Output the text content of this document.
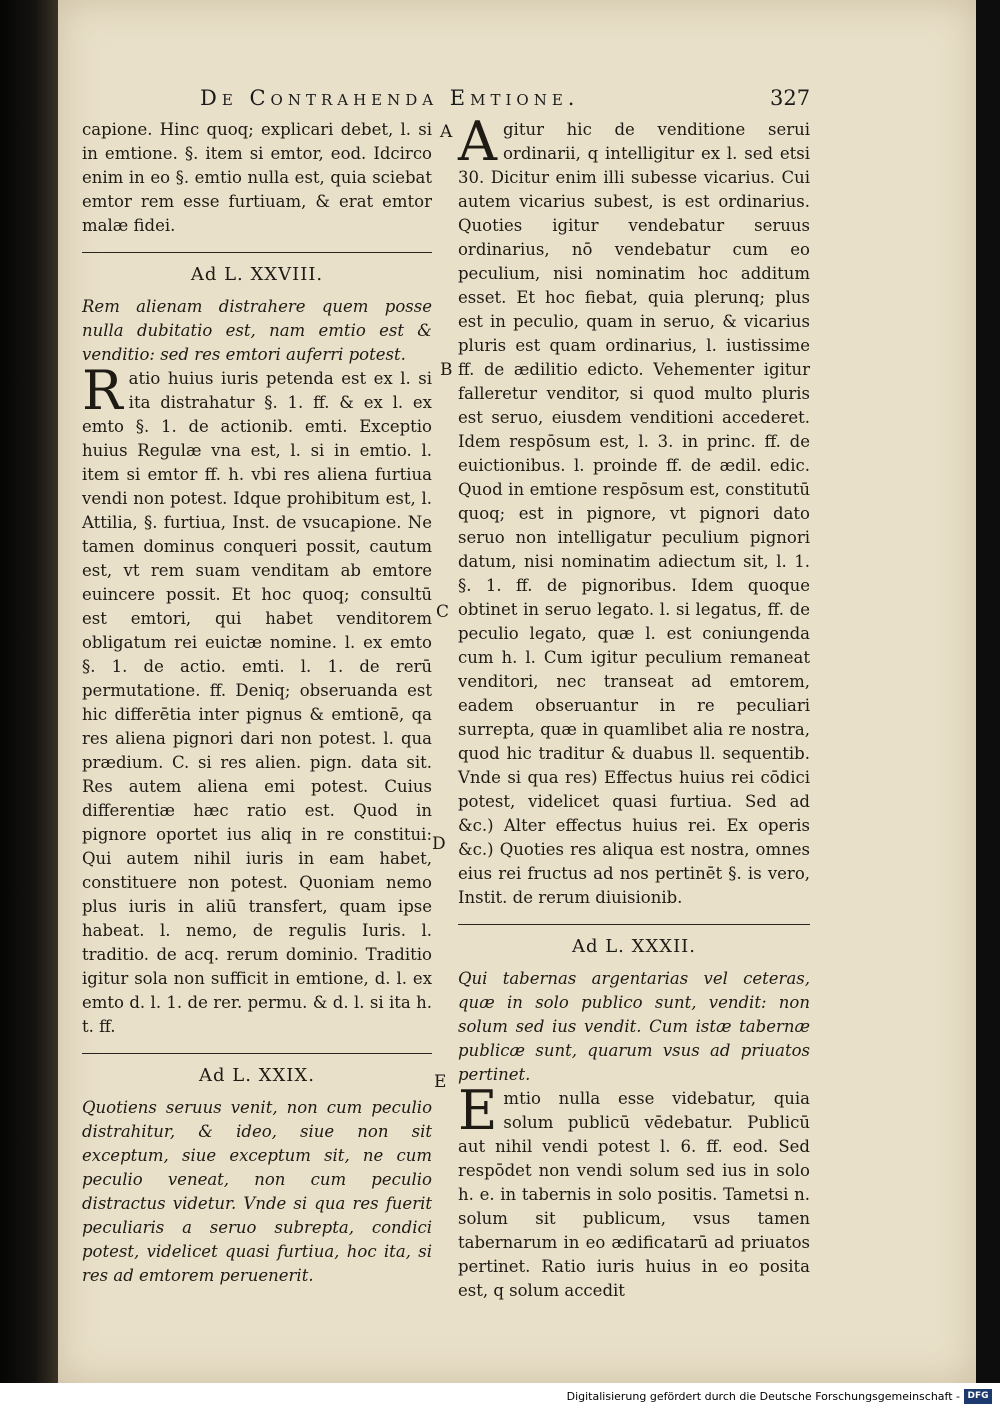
De Contrahenda Emtione.	327

capione. Hinc quoq; explicari debet, l. si in emtione. §. item si emtor, eod. Idcirco enim in eo §. emtio nulla est, quia sciebat emtor rem esse furtiuam, & erat emtor malæ fidei.

Ad L. XXVIII.

Rem alienam distrahere quem posse nulla dubitatio est, nam emtio est & venditio: sed res emtori auferri potest.

Ratio huius iuris petenda est ex l. si ita distrahatur §. 1. ff. & ex l. ex emto §. 1. de actionib. emti. Exceptio huius Regulæ vna est, l. si in emtio. l. item si emtor ff. h. vbi res aliena furtiua vendi non potest. Idque prohibitum est, l. Attilia, §. furtiua, Inst. de vsucapione. Ne tamen dominus conqueri possit, cautum est, vt rem suam venditam ab emtore euincere possit. Et hoc quoq; consultū est emtori, qui habet venditorem obligatum rei euictæ nomine. l. ex emto §. 1. de actio. emti. l. 1. de rerū permutatione. ff. Deniq; obseruanda est hic differētia inter pignus & emtionē, qa res aliena pignori dari non potest. l. qua prædium. C. si res alien. pign. data sit. Res autem aliena emi potest. Cuius differentiæ hæc ratio est. Quod in pignore oportet ius aliq in re constitui: Qui autem nihil iuris in eam habet, constituere non potest. Quoniam nemo plus iuris in aliū transfert, quam ipse habeat. l. nemo, de regulis Iuris. l. traditio. de acq. rerum dominio. Traditio igitur sola non sufficit in emtione, d. l. ex emto d. l. 1. de rer. permu. & d. l. si ita h. t. ff.

Ad L. XXIX.

Quotiens seruus venit, non cum peculio distrahitur, & ideo, siue non sit exceptum, siue exceptum sit, ne cum peculio veneat, non cum peculio distractus videtur. Vnde si qua res fuerit peculiaris a seruo subrepta, condici potest, videlicet quasi furtiua, hoc ita, si res ad emtorem peruenerit.

Agitur hic de venditione serui ordinarii, q intelligitur ex l. sed etsi 30. Dicitur enim illi subesse vicarius. Cui autem vicarius subest, is est ordinarius. Quoties igitur vendebatur seruus ordinarius, nō vendebatur cum eo peculium, nisi nominatim hoc additum esset. Et hoc fiebat, quia plerunq; plus est in peculio, quam in seruo, & vicarius pluris est quam ordinarius, l. iustissime ff. de ædilitio edicto. Vehementer igitur falleretur venditor, si quod multo pluris est seruo, eiusdem venditioni accederet. Idem respōsum est, l. 3. in princ. ff. de euictionibus. l. proinde ff. de ædil. edic. Quod in emtione respōsum est, constitutū quoq; est in pignore, vt pignori dato seruo non intelligatur peculium pignori datum, nisi nominatim adiectum sit, l. 1. §. 1. ff. de pignoribus. Idem quoque obtinet in seruo legato. l. si legatus, ff. de peculio legato, quæ l. est coniungenda cum h. l. Cum igitur peculium remaneat venditori, nec transeat ad emtorem, eadem obseruantur in re peculiari surrepta, quæ in quamlibet alia re nostra, quod hic traditur & duabus ll. sequentib. Vnde si qua res) Effectus huius rei cōdici potest, videlicet quasi furtiua. Sed ad &c.) Alter effectus huius rei. Ex operis &c.) Quoties res aliqua est nostra, omnes eius rei fructus ad nos pertinēt §. is vero, Instit. de rerum diuisionib.

Ad L. XXXII.

Qui tabernas argentarias vel ceteras, quæ in solo publico sunt, vendit: non solum sed ius vendit. Cum istæ tabernæ publicæ sunt, quarum vsus ad priuatos pertinet.

Emtio nulla esse videbatur, quia solum publicū vēdebatur. Publicū aut nihil vendi potest l. 6. ff. eod. Sed respōdet non vendi solum sed ius in solo h. e. in tabernis in solo positis. Tametsi n. solum sit publicum, vsus tamen tabernarum in eo ædificatarū ad priuatos pertinet. Ratio iuris huius in eo posita est, q solum accedit

A
B
C
D
E
Digitalisierung gefördert durch die Deutsche Forschungsgemeinschaft - DFG
